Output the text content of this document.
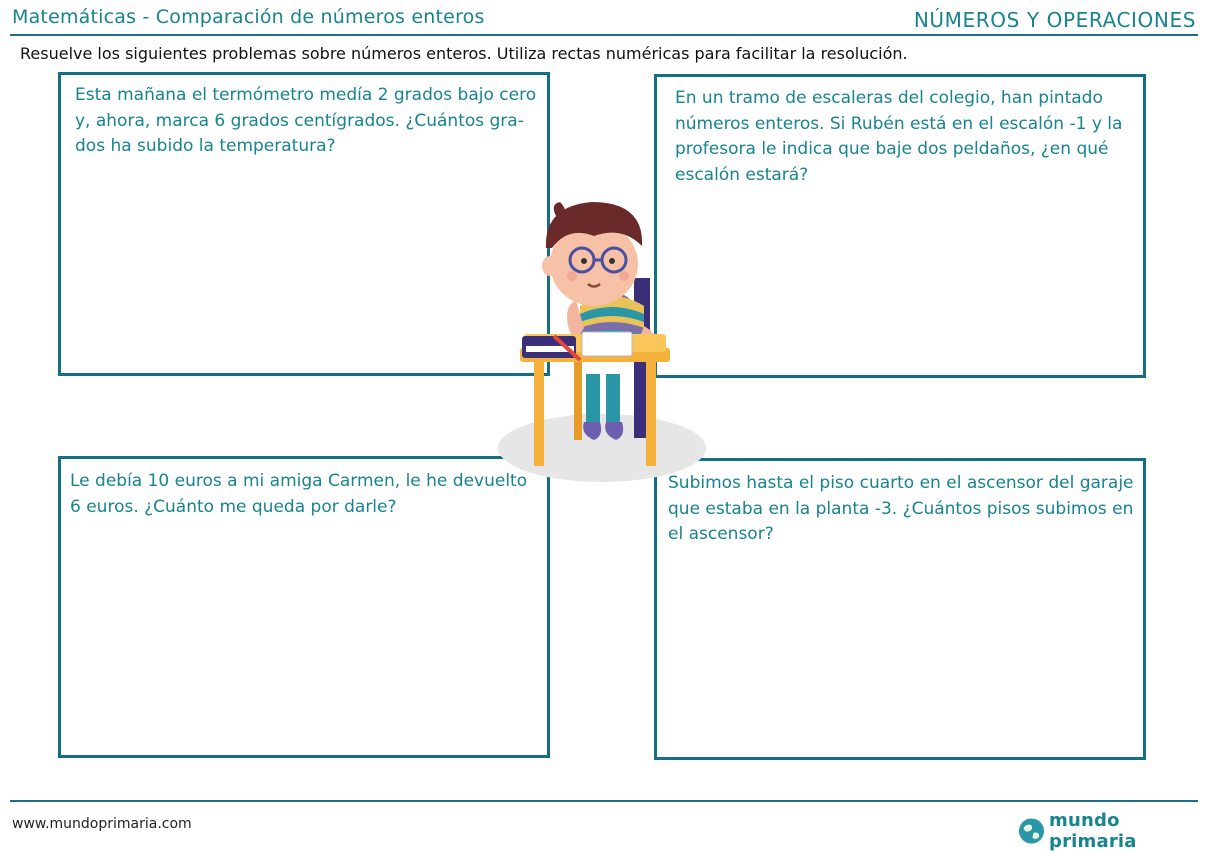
Matemáticas - Comparación de números enteros	NÚMEROS Y OPERACIONES
Resuelve los siguientes problemas sobre números enteros. Utiliza rectas numéricas para facilitar la resolución.
Esta mañana el termómetro medía 2 grados bajo cero y, ahora, marca 6 grados centígrados. ¿Cuántos gra-dos ha subido la temperatura?
En un tramo de escaleras del colegio, han pintado números enteros. Si Rubén está en el escalón -1 y la profesora le indica que baje dos peldaños, ¿en qué escalón estará?
Le debía 10 euros a mi amiga Carmen, le he devuelto 6 euros. ¿Cuánto me queda por darle?
Subimos hasta el piso cuarto en el ascensor del garaje que estaba en la planta -3. ¿Cuántos pisos subimos en el ascensor?
www.mundoprimaria.com	mundo primaria
